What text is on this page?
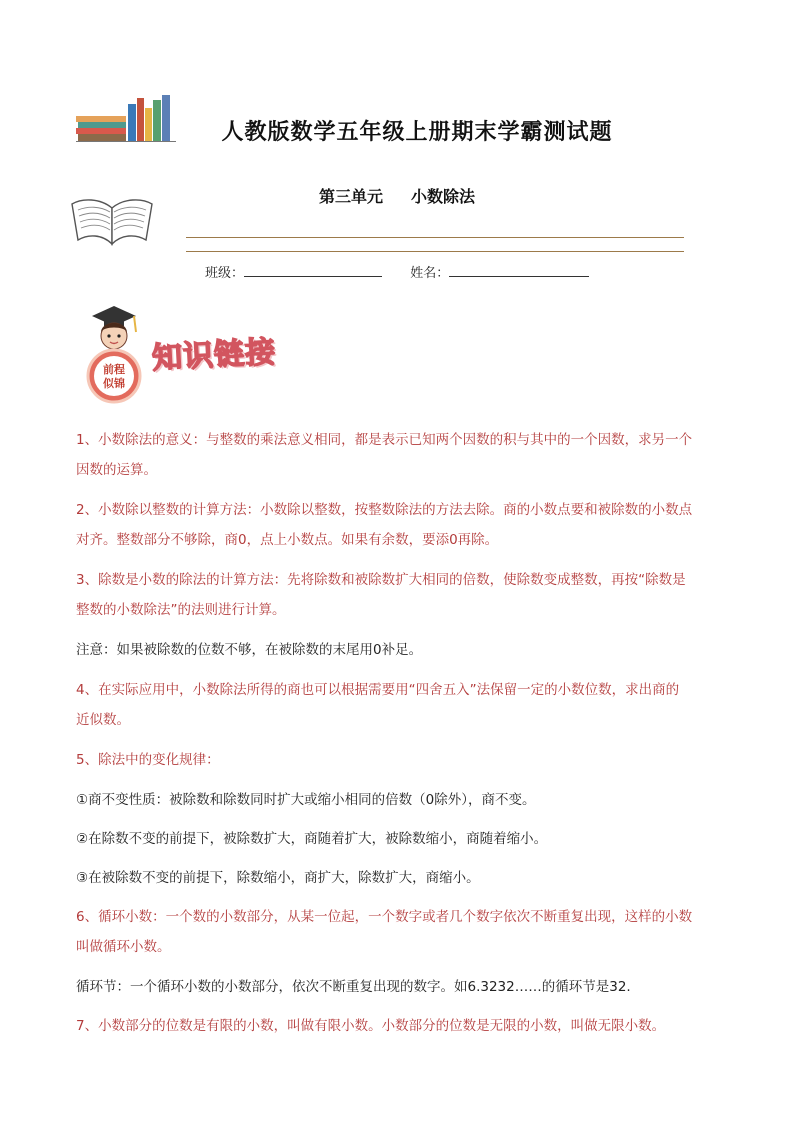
人教版数学五年级上册期末学霸测试题
第三单元 小数除法
班级：	姓名：
前程
似锦
知识链接
1、小数除法的意义：与整数的乘法意义相同，都是表示已知两个因数的积与其中的一个因数，求另一个
因数的运算。
2、小数除以整数的计算方法：小数除以整数，按整数除法的方法去除。商的小数点要和被除数的小数点
对齐。整数部分不够除，商0，点上小数点。如果有余数，要添0再除。
3、除数是小数的除法的计算方法：先将除数和被除数扩大相同的倍数，使除数变成整数，再按“除数是
整数的小数除法”的法则进行计算。
注意：如果被除数的位数不够，在被除数的末尾用0补足。
4、在实际应用中，小数除法所得的商也可以根据需要用“四舍五入”法保留一定的小数位数，求出商的
近似数。
5、除法中的变化规律：
①商不变性质：被除数和除数同时扩大或缩小相同的倍数（0除外），商不变。
②在除数不变的前提下，被除数扩大，商随着扩大，被除数缩小，商随着缩小。
③在被除数不变的前提下，除数缩小，商扩大，除数扩大，商缩小。
6、循环小数：一个数的小数部分，从某一位起，一个数字或者几个数字依次不断重复出现，这样的小数
叫做循环小数。
循环节：一个循环小数的小数部分，依次不断重复出现的数字。如6.3232……的循环节是32.
7、小数部分的位数是有限的小数，叫做有限小数。小数部分的位数是无限的小数，叫做无限小数。
